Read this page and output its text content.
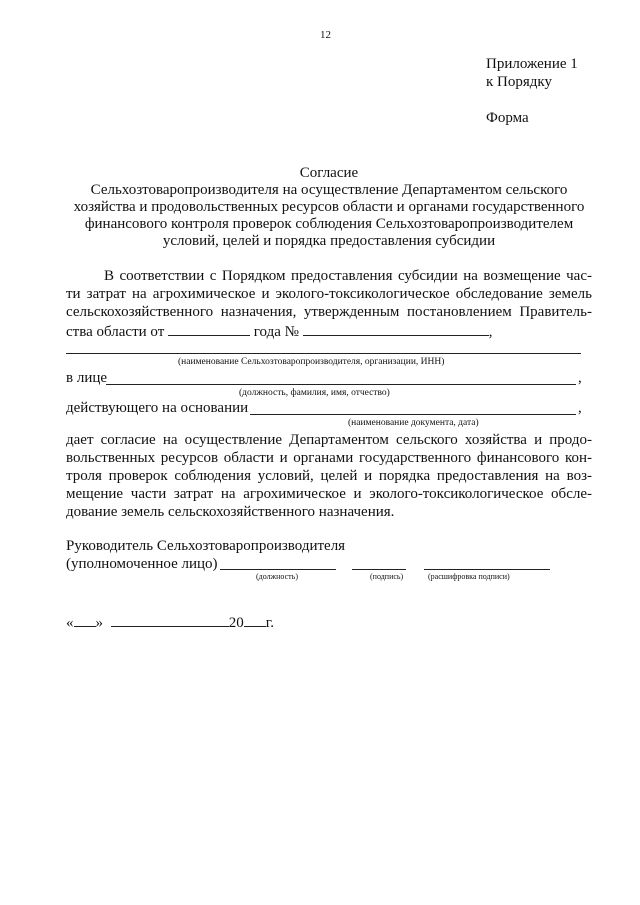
12
Приложение 1
к Порядку
Форма
Согласие
Сельхозтоваропроизводителя на осуществление Департаментом сельского
хозяйства и продовольственных ресурсов области и органами государственного
финансового контроля проверок соблюдения Сельхозтоваропроизводителем
условий, целей и порядка предоставления субсидии
В соответствии с Порядком предоставления субсидии на возмещение час-
ти затрат на агрохимическое и эколого-токсикологическое обследование земель
сельскохозяйственного назначения, утвержденным постановлением Правитель-
ства области от	года №	,
(наименование Сельхозтоваропроизводителя, организации, ИНН)
в лице	,
(должность, фамилия, имя, отчество)
действующего на основании	,
(наименование документа, дата)
дает согласие на осуществление Департаментом сельского хозяйства и продо-
вольственных ресурсов области и органами государственного финансового кон-
троля проверок соблюдения условий, целей и порядка предоставления на воз-
мещение части затрат на агрохимическое и эколого-токсикологическое обсле-
дование земель сельскохозяйственного назначения.
Руководитель Сельхозтоваропроизводителя
(уполномоченное лицо)
(должность)	(подпись)	(расшифровка подписи)
« »	20 г.
